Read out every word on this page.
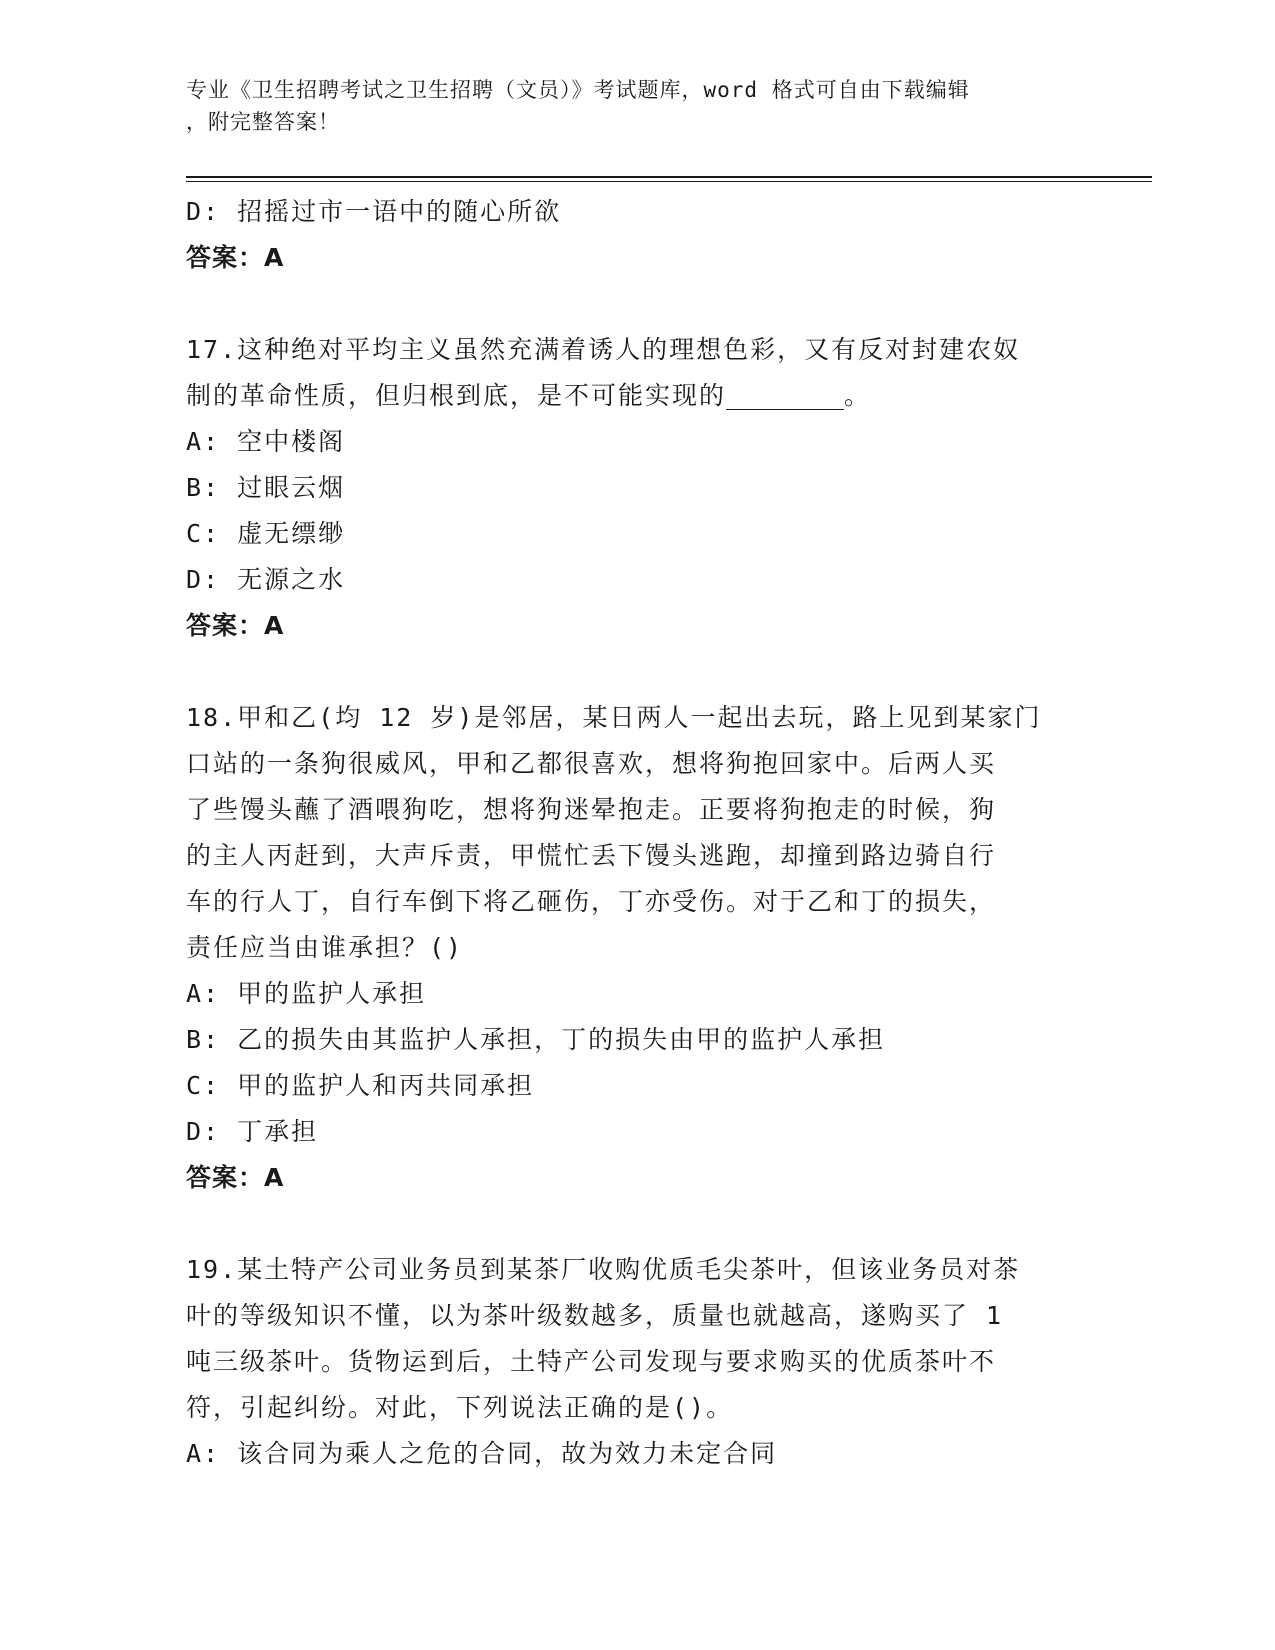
专业《卫生招聘考试之卫生招聘（文员）》考试题库，word 格式可自由下载编辑
，附完整答案！
D: 招摇过市一语中的随心所欲
答案：A
17.这种绝对平均主义虽然充满着诱人的理想色彩，又有反对封建农奴
制的革命性质，但归根到底，是不可能实现的	。
A: 空中楼阁
B: 过眼云烟
C: 虚无缥缈
D: 无源之水
答案：A
18.甲和乙(均 12 岁)是邻居，某日两人一起出去玩，路上见到某家门
口站的一条狗很威风，甲和乙都很喜欢，想将狗抱回家中。后两人买
了些馒头蘸了酒喂狗吃，想将狗迷晕抱走。正要将狗抱走的时候，狗
的主人丙赶到，大声斥责，甲慌忙丢下馒头逃跑，却撞到路边骑自行
车的行人丁，自行车倒下将乙砸伤，丁亦受伤。对于乙和丁的损失，
责任应当由谁承担？()
A: 甲的监护人承担
B: 乙的损失由其监护人承担，丁的损失由甲的监护人承担
C: 甲的监护人和丙共同承担
D: 丁承担
答案：A
19.某土特产公司业务员到某茶厂收购优质毛尖茶叶，但该业务员对茶
叶的等级知识不懂，以为茶叶级数越多，质量也就越高，遂购买了 1
吨三级茶叶。货物运到后，土特产公司发现与要求购买的优质茶叶不
符，引起纠纷。对此，下列说法正确的是()。
A: 该合同为乘人之危的合同，故为效力未定合同
